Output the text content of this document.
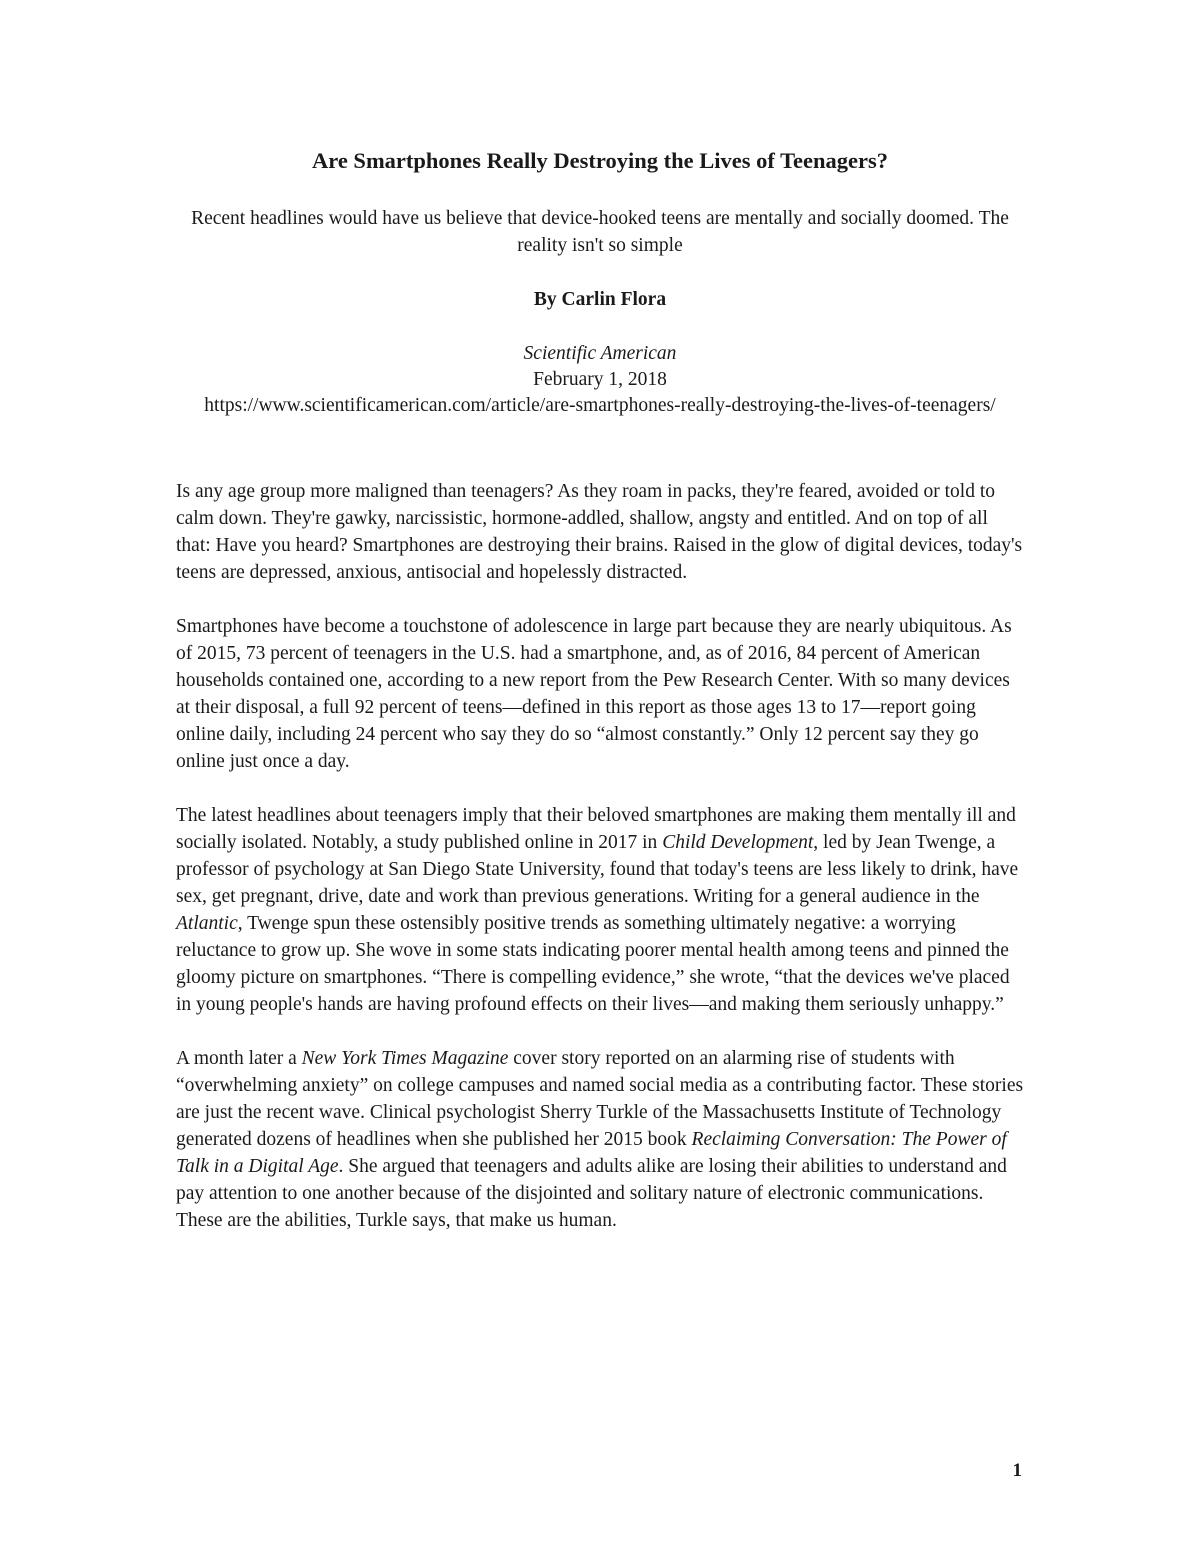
Are Smartphones Really Destroying the Lives of Teenagers?
Recent headlines would have us believe that device-hooked teens are mentally and socially doomed. The reality isn't so simple
By Carlin Flora
Scientific American
February 1, 2018
https://www.scientificamerican.com/article/are-smartphones-really-destroying-the-lives-of-teenagers/

Is any age group more maligned than teenagers? As they roam in packs, they're feared, avoided or told to calm down. They're gawky, narcissistic, hormone-addled, shallow, angsty and entitled. And on top of all that: Have you heard? Smartphones are destroying their brains. Raised in the glow of digital devices, today's teens are depressed, anxious, antisocial and hopelessly distracted.

Smartphones have become a touchstone of adolescence in large part because they are nearly ubiquitous. As of 2015, 73 percent of teenagers in the U.S. had a smartphone, and, as of 2016, 84 percent of American households contained one, according to a new report from the Pew Research Center. With so many devices at their disposal, a full 92 percent of teens—defined in this report as those ages 13 to 17—report going online daily, including 24 percent who say they do so “almost constantly.” Only 12 percent say they go online just once a day.

The latest headlines about teenagers imply that their beloved smartphones are making them mentally ill and socially isolated. Notably, a study published online in 2017 in Child Development, led by Jean Twenge, a professor of psychology at San Diego State University, found that today's teens are less likely to drink, have sex, get pregnant, drive, date and work than previous generations. Writing for a general audience in the Atlantic, Twenge spun these ostensibly positive trends as something ultimately negative: a worrying reluctance to grow up. She wove in some stats indicating poorer mental health among teens and pinned the gloomy picture on smartphones. “There is compelling evidence,” she wrote, “that the devices we've placed in young people's hands are having profound effects on their lives—and making them seriously unhappy.”

A month later a New York Times Magazine cover story reported on an alarming rise of students with “overwhelming anxiety” on college campuses and named social media as a contributing factor. These stories are just the recent wave. Clinical psychologist Sherry Turkle of the Massachusetts Institute of Technology generated dozens of headlines when she published her 2015 book Reclaiming Conversation: The Power of Talk in a Digital Age. She argued that teenagers and adults alike are losing their abilities to understand and pay attention to one another because of the disjointed and solitary nature of electronic communications. These are the abilities, Turkle says, that make us human.

1
